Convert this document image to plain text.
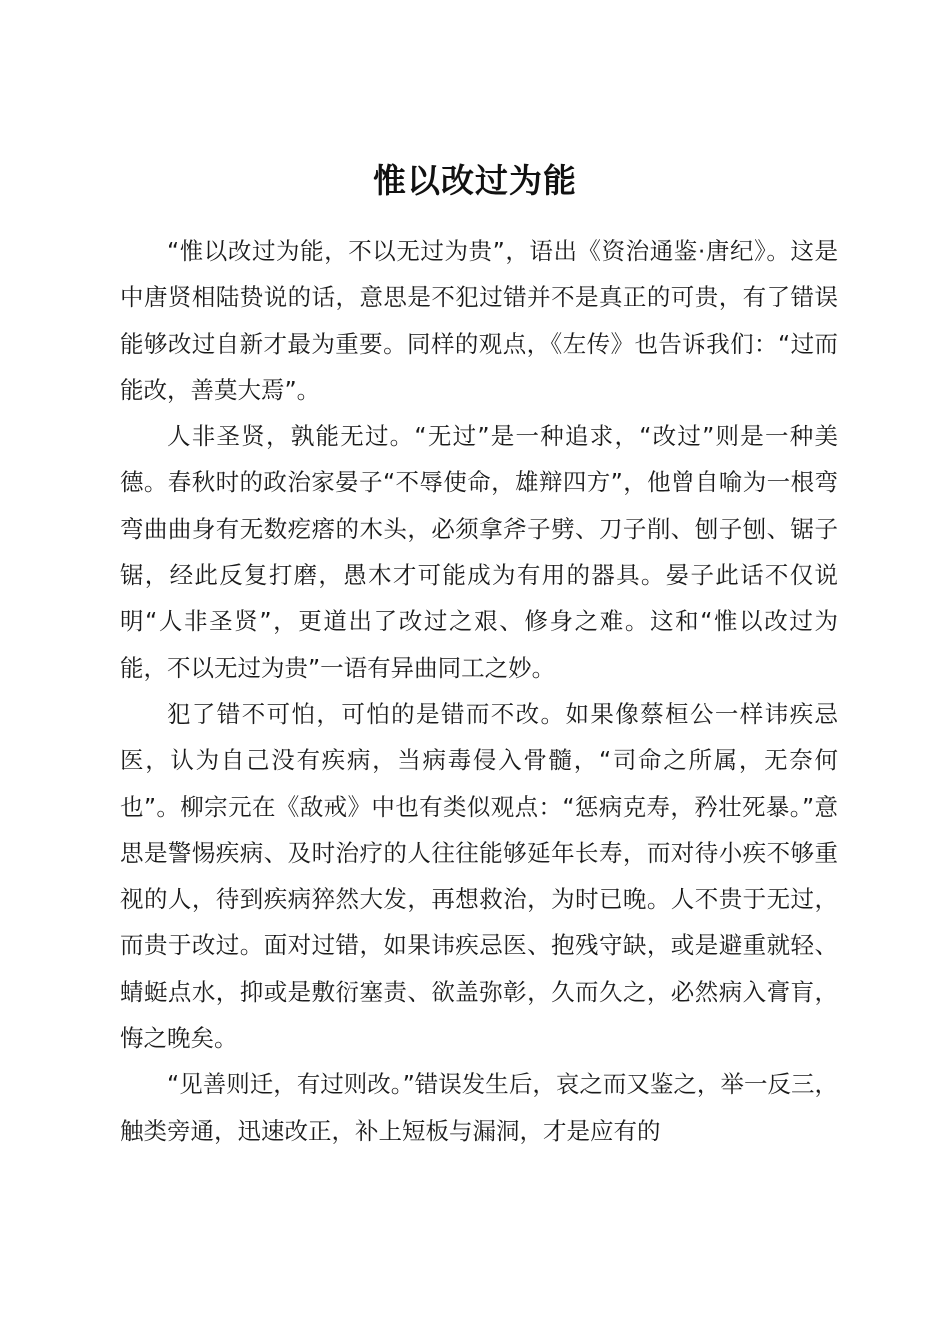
惟以改过为能

“惟以改过为能，不以无过为贵”，语出《资治通鉴·唐纪》。这是中唐贤相陆贽说的话，意思是不犯过错并不是真正的可贵，有了错误能够改过自新才最为重要。同样的观点，《左传》也告诉我们：“过而能改，善莫大焉”。

人非圣贤，孰能无过。“无过”是一种追求，“改过”则是一种美德。春秋时的政治家晏子“不辱使命，雄辩四方”，他曾自喻为一根弯弯曲曲身有无数疙瘩的木头，必须拿斧子劈、刀子削、刨子刨、锯子锯，经此反复打磨，愚木才可能成为有用的器具。晏子此话不仅说明“人非圣贤”，更道出了改过之艰、修身之难。这和“惟以改过为能，不以无过为贵”一语有异曲同工之妙。

犯了错不可怕，可怕的是错而不改。如果像蔡桓公一样讳疾忌医，认为自己没有疾病，当病毒侵入骨髓，“司命之所属，无奈何也”。柳宗元在《敌戒》中也有类似观点：“惩病克寿，矜壮死暴。”意思是警惕疾病、及时治疗的人往往能够延年长寿，而对待小疾不够重视的人，待到疾病猝然大发，再想救治，为时已晚。人不贵于无过，而贵于改过。面对过错，如果讳疾忌医、抱残守缺，或是避重就轻、蜻蜓点水，抑或是敷衍塞责、欲盖弥彰，久而久之，必然病入膏肓，悔之晚矣。

“见善则迁，有过则改。”错误发生后，哀之而又鉴之，举一反三，触类旁通，迅速改正，补上短板与漏洞，才是应有的
